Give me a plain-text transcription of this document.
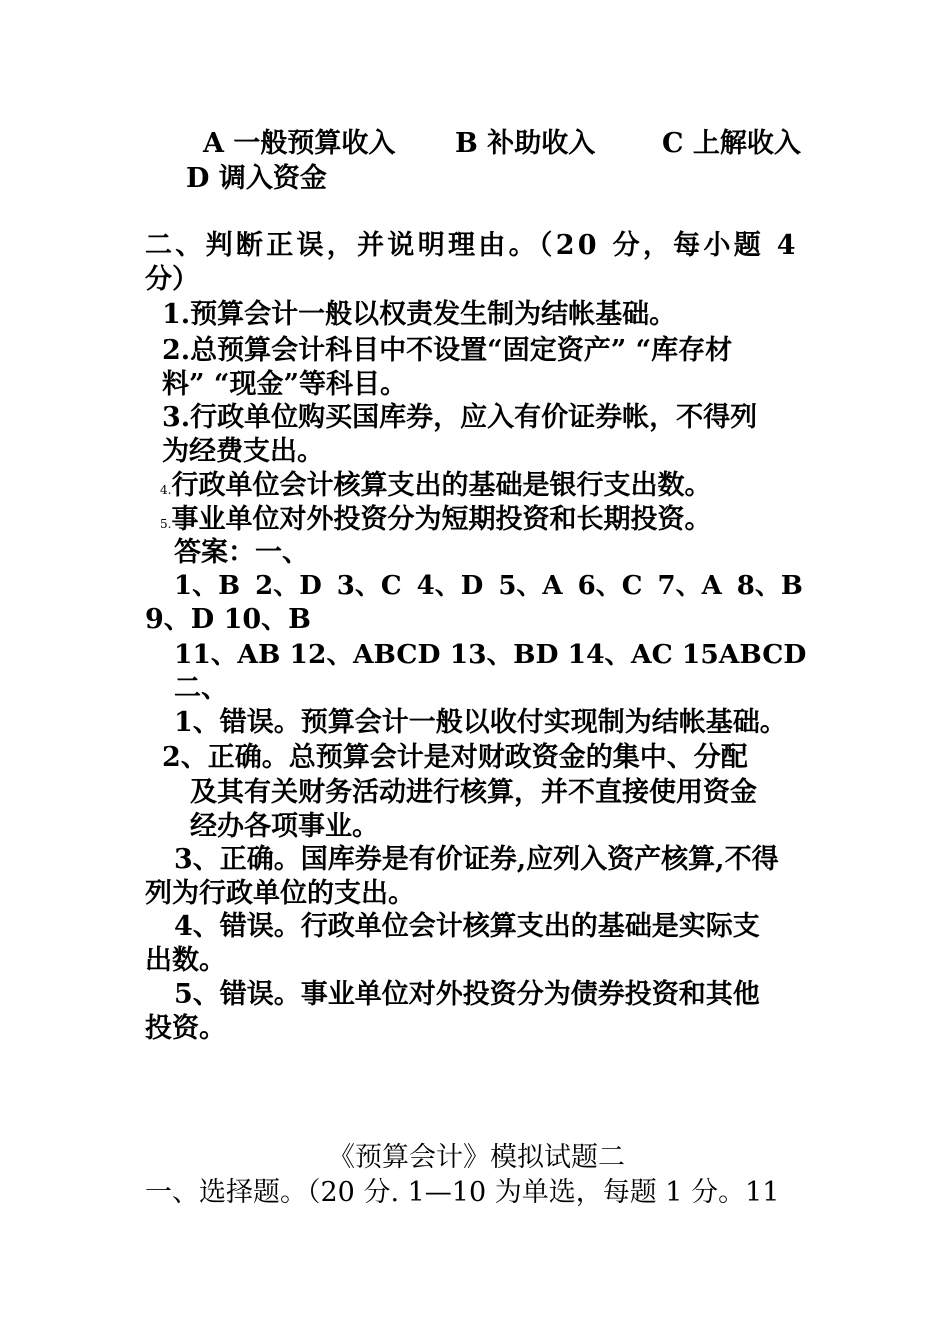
A 一般预算收入 B 补助收入 C 上解收入
D 调入资金
二、判断正误，并说明理由。（20 分，每小题 4
分）
1.预算会计一般以权责发生制为结帐基础。
2.总预算会计科目中不设置“固定资产” “库存材
料” “现金”等科目。
3.行政单位购买国库券，应入有价证券帐，不得列
为经费支出。
4.行政单位会计核算支出的基础是银行支出数。
5.事业单位对外投资分为短期投资和长期投资。
答案：一、
1、B 2、D 3、C 4、D 5、A 6、C 7、A 8、B
9、D 10、B
11、AB 12、ABCD 13、BD 14、AC 15ABCD
二、
1、错误。预算会计一般以收付实现制为结帐基础。
2、正确。总预算会计是对财政资金的集中、分配
及其有关财务活动进行核算，并不直接使用资金
经办各项事业。
3、正确。国库券是有价证券,应列入资产核算,不得
列为行政单位的支出。
4、错误。行政单位会计核算支出的基础是实际支
出数。
5、错误。事业单位对外投资分为债券投资和其他
投资。
《预算会计》模拟试题二
一、选择题。（20 分. 1—10 为单选，每题 1 分。11
